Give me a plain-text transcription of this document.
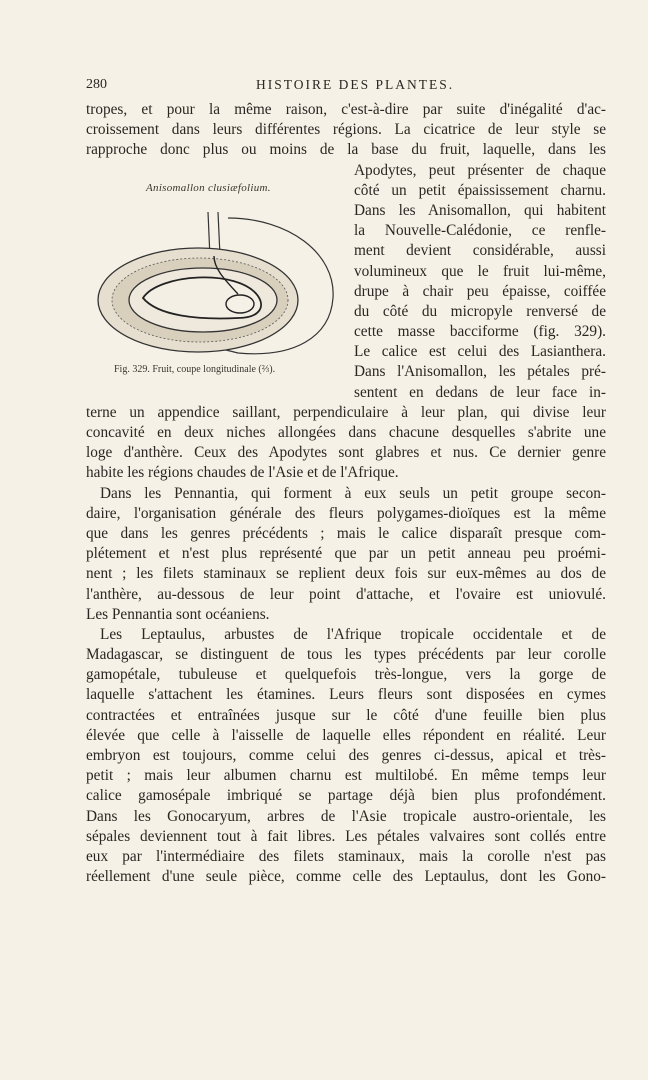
280	HISTOIRE DES PLANTES.
Anisomallon clusiæfolium.
Fig. 329. Fruit, coupe longitudinale (⅔).
tropes, et pour la même raison, c'est-à-dire par suite d'inégalité d'ac-
croissement dans leurs différentes régions. La cicatrice de leur style se
rapproche donc plus ou moins de la base du fruit, laquelle, dans les
Apodytes, peut présenter de chaque
côté un petit épaississement charnu.
Dans les Anisomallon, qui habitent
la Nouvelle-Calédonie, ce renfle-
ment devient considérable, aussi
volumineux que le fruit lui-même,
drupe à chair peu épaisse, coiffée
du côté du micropyle renversé de
cette masse bacciforme (fig. 329).
Le calice est celui des Lasianthera.
Dans l'Anisomallon, les pétales pré-
sentent en dedans de leur face in-
terne un appendice saillant, perpendiculaire à leur plan, qui divise leur
concavité en deux niches allongées dans chacune desquelles s'abrite une
loge d'anthère. Ceux des Apodytes sont glabres et nus. Ce dernier genre
habite les régions chaudes de l'Asie et de l'Afrique.
Dans les Pennantia, qui forment à eux seuls un petit groupe secon-
daire, l'organisation générale des fleurs polygames-dioïques est la même
que dans les genres précédents ; mais le calice disparaît presque com-
plétement et n'est plus représenté que par un petit anneau peu proémi-
nent ; les filets staminaux se replient deux fois sur eux-mêmes au dos de
l'anthère, au-dessous de leur point d'attache, et l'ovaire est uniovulé.
Les Pennantia sont océaniens.
Les Leptaulus, arbustes de l'Afrique tropicale occidentale et de
Madagascar, se distinguent de tous les types précédents par leur corolle
gamopétale, tubuleuse et quelquefois très-longue, vers la gorge de
laquelle s'attachent les étamines. Leurs fleurs sont disposées en cymes
contractées et entraînées jusque sur le côté d'une feuille bien plus
élevée que celle à l'aisselle de laquelle elles répondent en réalité. Leur
embryon est toujours, comme celui des genres ci-dessus, apical et très-
petit ; mais leur albumen charnu est multilobé. En même temps leur
calice gamosépale imbriqué se partage déjà bien plus profondément.
Dans les Gonocaryum, arbres de l'Asie tropicale austro-orientale, les
sépales deviennent tout à fait libres. Les pétales valvaires sont collés entre
eux par l'intermédiaire des filets staminaux, mais la corolle n'est pas
réellement d'une seule pièce, comme celle des Leptaulus, dont les Gono-
